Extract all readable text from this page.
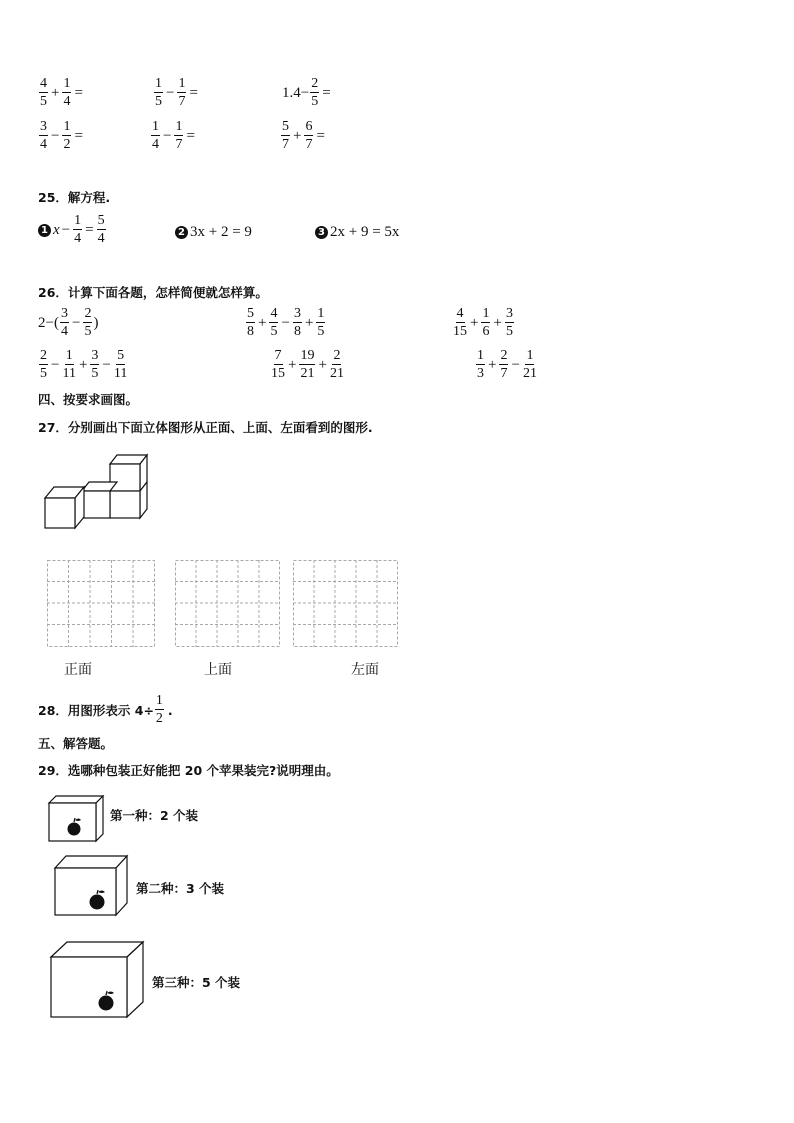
$\frac{4}{5} + \frac{1}{4}$ =	$\frac{1}{5} - \frac{1}{7}$ =	$1.4- \frac{2}{5}$ =
$\frac{3}{4} - \frac{1}{2}$ =	$\frac{1}{4} - \frac{1}{7}$ =	$\frac{5}{7} + \frac{6}{7}$ =
25．解方程.
1 $x - \frac{1}{4} = \frac{5}{4}$	2 3x + 2 = 9	3 2x + 9 = 5x
26．计算下面各题，怎样简便就怎样算。
$2-( \frac{3}{4} - \frac{2}{5}$ )	$\frac{5}{8} + \frac{4}{5} - \frac{3}{8} + \frac{1}{5}$	$\frac{4}{15} + \frac{1}{6} + \frac{3}{5}$
$\frac{2}{5} - \frac{1}{11} + \frac{3}{5} - \frac{5}{11}$	$\frac{7}{15} + \frac{19}{21} + \frac{2}{21}$	$\frac{1}{3} + \frac{2}{7} - \frac{1}{21}$
四、按要求画图。
27．分别画出下面立体图形从正面、上面、左面看到的图形.
正面	上面	左面
28．用图形表示 $4\div \frac{1}{2}$ .
五、解答题。
29．选哪种包装正好能把 20 个苹果装完?说明理由。
第一种：2 个装
第二种：3 个装
第三种：5 个装
